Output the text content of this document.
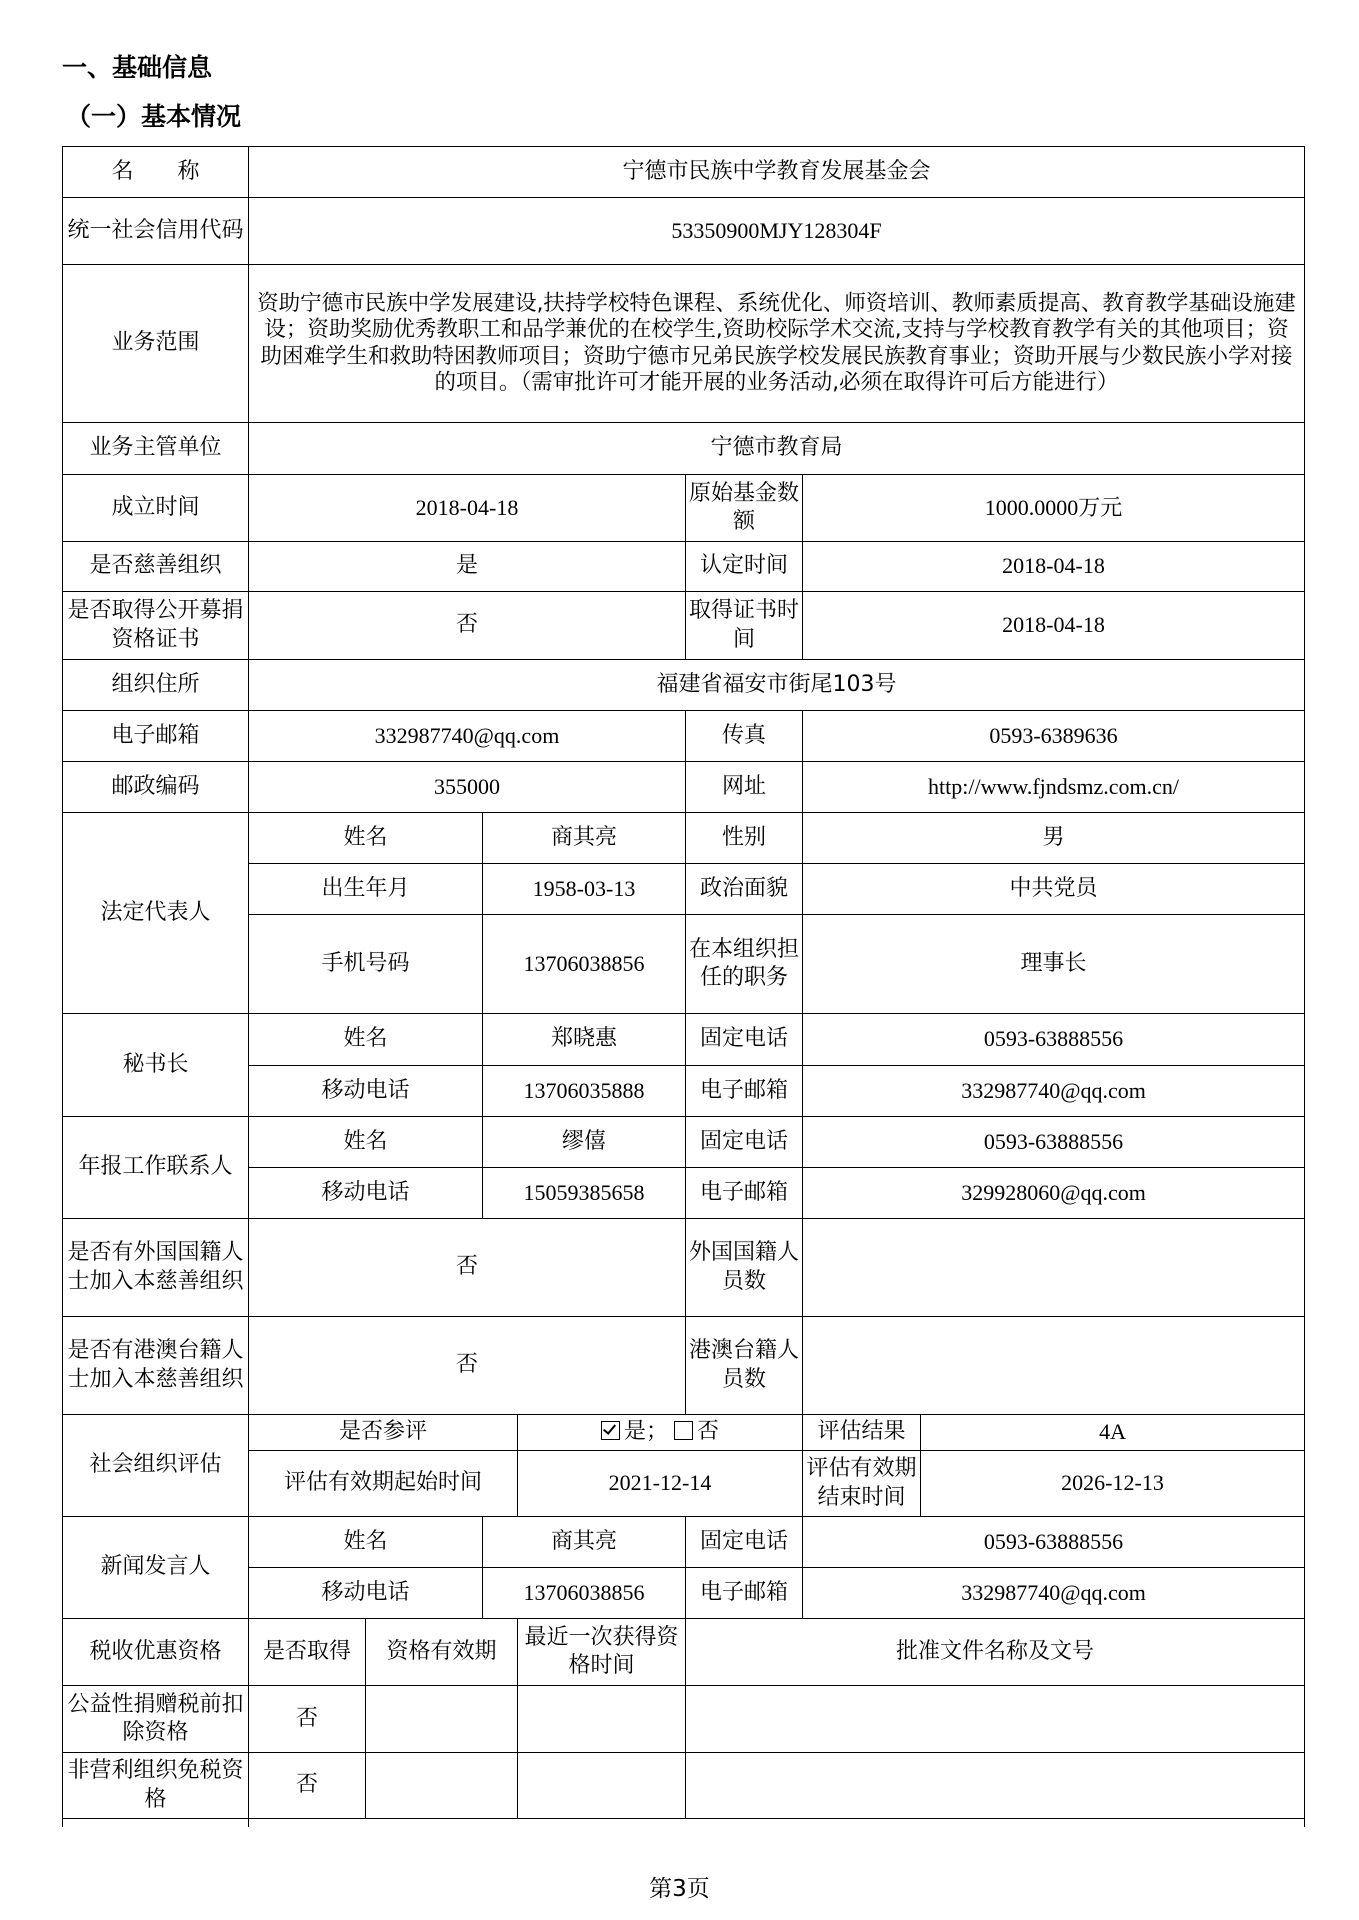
一、基础信息
（一）基本情况
名　　称	宁德市民族中学教育发展基金会						
统一社会信用代码	53350900MJY128304F						
业务范围	资助宁德市民族中学发展建设,扶持学校特色课程、系统优化、师资培训、教师素质提高、教育教学基础设施建设；资助奖励优秀教职工和品学兼优的在校学生,资助校际学术交流,支持与学校教育教学有关的其他项目；资助困难学生和救助特困教师项目；资助宁德市兄弟民族学校发展民族教育事业；资助开展与少数民族小学对接的项目。（需审批许可才能开展的业务活动,必须在取得许可后方能进行）						
业务主管单位	宁德市教育局						
成立时间	2018-04-18				原始基金数额	1000.0000万元	
是否慈善组织	是				认定时间	2018-04-18	
是否取得公开募捐资格证书	否				取得证书时间	2018-04-18	
组织住所	福建省福安市街尾103号						
电子邮箱	332987740@qq.com				传真	0593-6389636	
邮政编码	355000				网址	http://www.fjndsmz.com.cn/	
法定代表人	姓名		商其亮		性别	男	
	出生年月		1958-03-13		政治面貌	中共党员	
	手机号码		13706038856		在本组织担任的职务	理事长	
秘书长	姓名		郑晓惠		固定电话	0593-63888556	
	移动电话		13706035888		电子邮箱	332987740@qq.com	
年报工作联系人	姓名		缪僖		固定电话	0593-63888556	
	移动电话		15059385658		电子邮箱	329928060@qq.com	
是否有外国国籍人士加入本慈善组织	否				外国国籍人员数		
是否有港澳台籍人士加入本慈善组织	否				港澳台籍人员数		
社会组织评估	是否参评			是； 否		评估结果	4A
	评估有效期起始时间			2021-12-14		评估有效期结束时间	2026-12-13
新闻发言人	姓名		商其亮		固定电话	0593-63888556	
	移动电话		13706038856		电子邮箱	332987740@qq.com	
税收优惠资格	是否取得	资格有效期		最近一次获得资格时间	批准文件名称及文号		
公益性捐赠税前扣除资格	否						
非营利组织免税资格	否						

第3页
